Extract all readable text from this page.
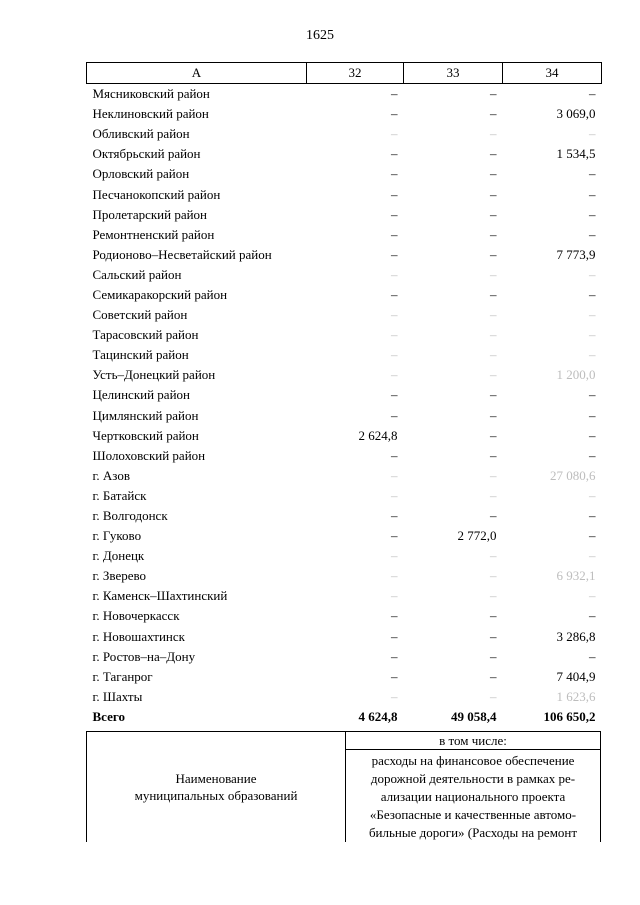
1625
А	32	33	34
Мясниковский район	–	–	–
Неклиновский район	–	–	3 069,0
Обливский район	–	–	–
Октябрьский район	–	–	1 534,5
Орловский район	–	–	–
Песчанокопский район	–	–	–
Пролетарский район	–	–	–
Ремонтненский район	–	–	–
Родионово–Несветайский район	–	–	7 773,9
Сальский район	–	–	–
Семикаракорский район	–	–	–
Советский район	–	–	–
Тарасовский район	–	–	–
Тацинский район	–	–	–
Усть–Донецкий район	–	–	1 200,0
Целинский район	–	–	–
Цимлянский район	–	–	–
Чертковский район	2 624,8	–	–
Шолоховский район	–	–	–
г. Азов	–	–	27 080,6
г. Батайск	–	–	–
г. Волгодонск	–	–	–
г. Гуково	–	2 772,0	–
г. Донецк	–	–	–
г. Зверево	–	–	6 932,1
г. Каменск–Шахтинский	–	–	–
г. Новочеркасск	–	–	–
г. Новошахтинск	–	–	3 286,8
г. Ростов–на–Дону	–	–	–
г. Таганрог	–	–	7 404,9
г. Шахты	–	–	1 623,6
Всего	4 624,8	49 058,4	106 650,2
Наименование
муниципальных образований
	в том числе:

расходы на финансовое обеспечение
дорожной деятельности в рамках ре-
ализации национального проекта
«Безопасные и качественные автомо-
бильные дороги» (Расходы на ремонт
